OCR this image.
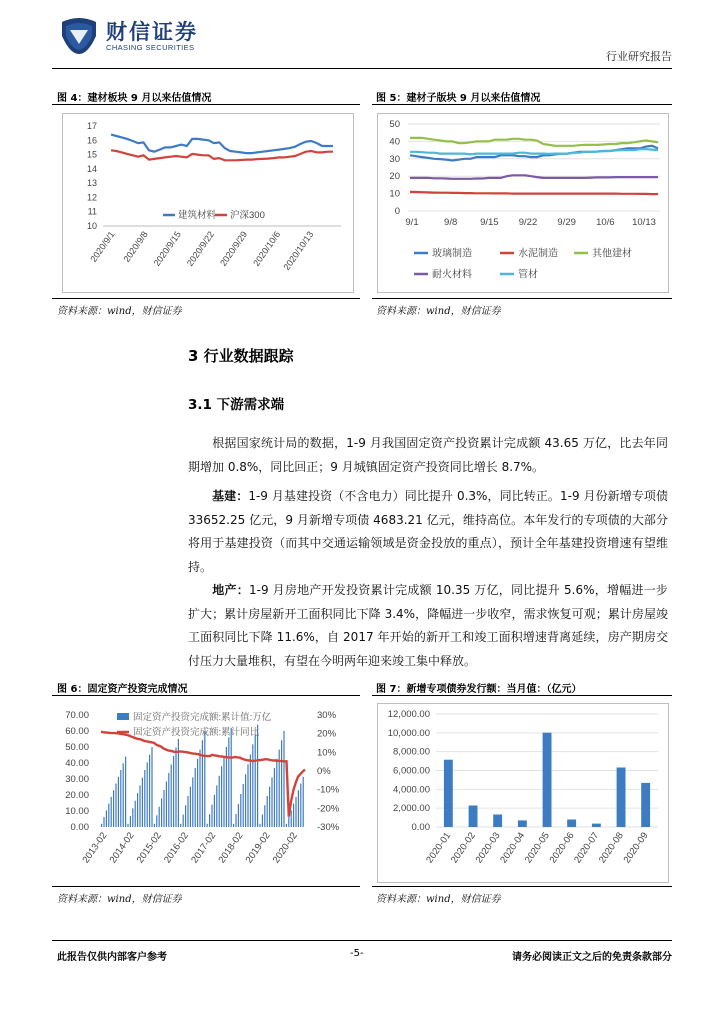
财信证券
CHASING SECURITIES
行业研究报告
图 4：建材板块 9 月以来估值情况
10
11
12
13
14
15
16
17
2020/9/1 2020/9/8 2020/9/15 2020/9/22 2020/9/29 2020/10/6 2020/10/13
建筑材料 沪深300
资料来源：wind，财信证券
图 5：建材子版块 9 月以来估值情况
0
10
20
30
40
50
9/1	9/8 9/15 9/22 9/29 10/6 10/13
玻璃制造	水泥制造	其他建材
耐火材料	管材
资料来源：wind，财信证券
3 行业数据跟踪
3.1 下游需求端
根据国家统计局的数据，1-9 月我国固定资产投资累计完成额 43.65 万亿，比去年同期增加 0.8%，同比回正；9 月城镇固定资产投资同比增长 8.7%。
基建：1-9 月基建投资（不含电力）同比提升 0.3%，同比转正。1-9 月份新增专项债 33652.25 亿元，9 月新增专项债 4683.21 亿元，维持高位。本年发行的专项债的大部分将用于基建投资（而其中交通运输领域是资金投放的重点），预计全年基建投资增速有望维持。
地产：1-9 月房地产开发投资累计完成额 10.35 万亿，同比提升 5.6%，增幅进一步扩大；累计房屋新开工面积同比下降 3.4%，降幅进一步收窄，需求恢复可观；累计房屋竣工面积同比下降 11.6%，自 2017 年开始的新开工和竣工面积增速背离延续，房产期房交付压力大量堆积，有望在今明两年迎来竣工集中释放。
图 6：固定资产投资完成情况
70.00
60.00
50.00
40.00
30.00
20.00
10.00
0.00
30%
20%
10%
0%
-10%
-20%
-30%
2013-02
2014-02
2015-02
2016-02
2017-02
2018-02
2019-02
2020-02
固定资产投资完成额:累计值:万亿
固定资产投资完成额:累计同比
资料来源：wind，财信证券
图 7：新增专项债券发行额：当月值：（亿元）
12,000.00
10,000.00
8,000.00
6,000.00
4,000.00
2,000.00
0.00
2020-01
2020-02
2020-03
2020-04
2020-05
2020-06
2020-07
2020-08
2020-09
资料来源：wind，财信证券
此报告仅供内部客户参考	-5-	请务必阅读正文之后的免责条款部分
